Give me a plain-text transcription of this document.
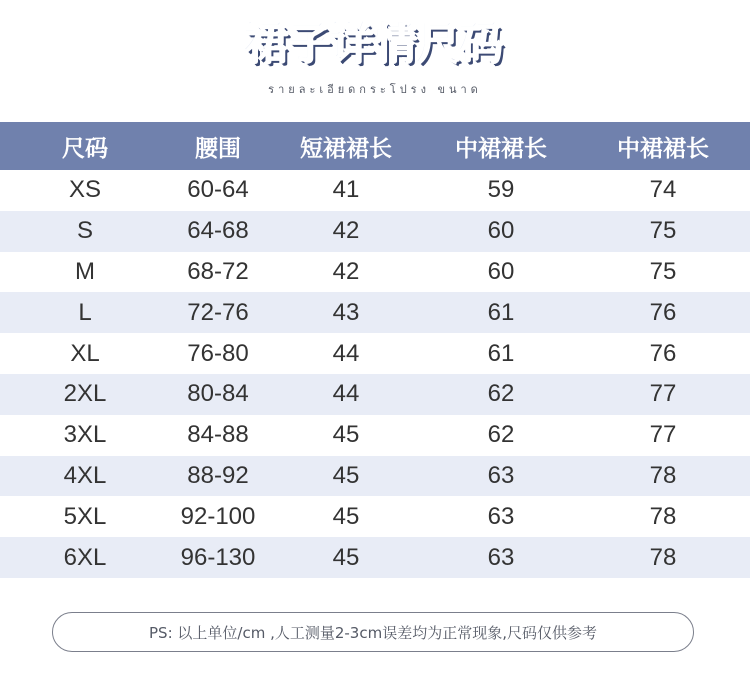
裙子详情尺码
รายละเอียดกระโปรง ขนาด
尺码	腰围	短裙裙长	中裙裙长	中裙裙长
XS	60-64	41	59	74
S	64-68	42	60	75
M	68-72	42	60	75
L	72-76	43	61	76
XL	76-80	44	61	76
2XL	80-84	44	62	77
3XL	84-88	45	62	77
4XL	88-92	45	63	78
5XL	92-100	45	63	78
6XL	96-130	45	63	78
PS: 以上单位/cm ,人工测量2-3cm误差均为正常现象,尺码仅供参考
